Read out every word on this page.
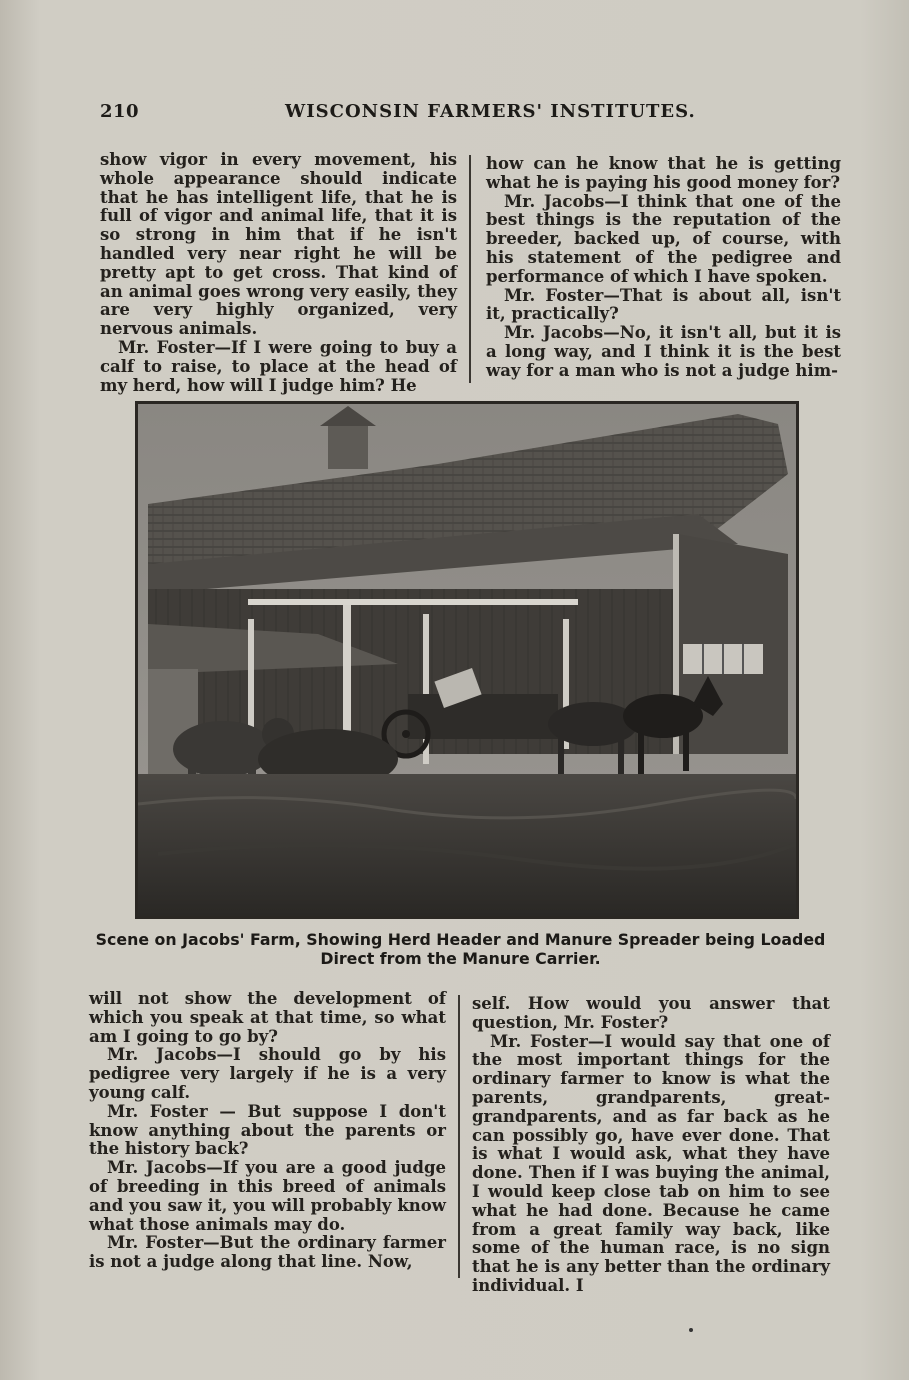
210	WISCONSIN FARMERS' INSTITUTES.

show vigor in every movement, his whole appearance should indicate that he has intelligent life, that he is full of vigor and animal life, that it is so strong in him that if he isn't handled very near right he will be pretty apt to get cross. That kind of an animal goes wrong very easily, they are very highly organized, very nervous animals.

Mr. Foster—If I were going to buy a calf to raise, to place at the head of my herd, how will I judge him? He

how can he know that he is getting what he is paying his good money for?

Mr. Jacobs—I think that one of the best things is the reputation of the breeder, backed up, of course, with his statement of the pedigree and performance of which I have spoken.

Mr. Foster—That is about all, isn't it, practically?

Mr. Jacobs—No, it isn't all, but it is a long way, and I think it is the best way for a man who is not a judge him-

Scene on Jacobs' Farm, Showing Herd Header and Manure Spreader being Loaded
Direct from the Manure Carrier.

will not show the development of which you speak at that time, so what am I going to go by?

Mr. Jacobs—I should go by his pedigree very largely if he is a very young calf.

Mr. Foster — But suppose I don't know anything about the parents or the history back?

Mr. Jacobs—If you are a good judge of breeding in this breed of animals and you saw it, you will probably know what those animals may do.

Mr. Foster—But the ordinary farmer is not a judge along that line. Now,

self. How would you answer that question, Mr. Foster?

Mr. Foster—I would say that one of the most important things for the ordinary farmer to know is what the parents, grandparents, great-grandparents, and as far back as he can possibly go, have ever done. That is what I would ask, what they have done. Then if I was buying the animal, I would keep close tab on him to see what he had done. Because he came from a great family way back, like some of the human race, is no sign that he is any better than the ordinary individual. I
